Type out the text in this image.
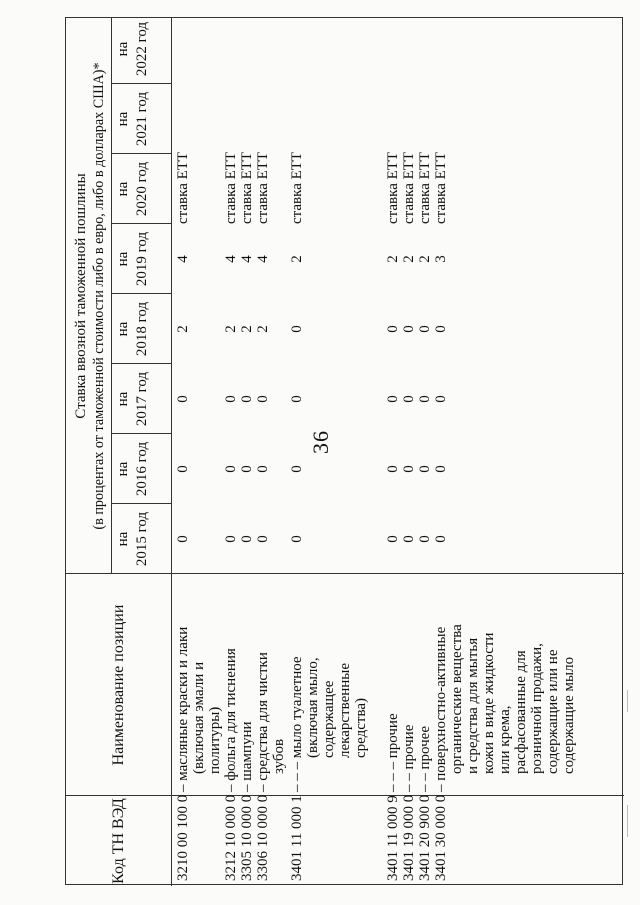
36
Код ТН ВЭД
Наименование позиции
Ставка ввозной таможенной пошлины (в процентах от таможенной стоимости либо в евро, либо в долларах США)*
на 2015 год
на 2016 год
на 2017 год
на 2018 год
на 2019 год
на 2020 год
на 2021 год
на 2022 год
3210 00 100 0
– масляные краски и лаки (включая эмали и политуры)
0
0
0
2
4
ставка ЕТТ
3212 10 000 0
– фольга для тиснения
0
0
0
2
4
ставка ЕТТ
3305 10 000 0
– шампуни
0
0
0
2
4
ставка ЕТТ
3306 10 000 0
– средства для чистки зубов
0
0
0
2
4
ставка ЕТТ
3401 11 000 1
– – – мыло туалетное (включая мыло, содержащее лекарственные средства)
0
0
0
0
2
ставка ЕТТ
3401 11 000 9
– – – прочие
0
0
0
0
2
ставка ЕТТ
3401 19 000 0
– – прочие
0
0
0
0
2
ставка ЕТТ
3401 20 900 0
– – прочее
0
0
0
0
2
ставка ЕТТ
3401 30 000 0
– поверхностно-активные органические вещества и средства для мытья кожи в виде жидкости или крема, расфасованные для розничной продажи, содержащие или не содержащие мыло
0
0
0
0
3
ставка ЕТТ
